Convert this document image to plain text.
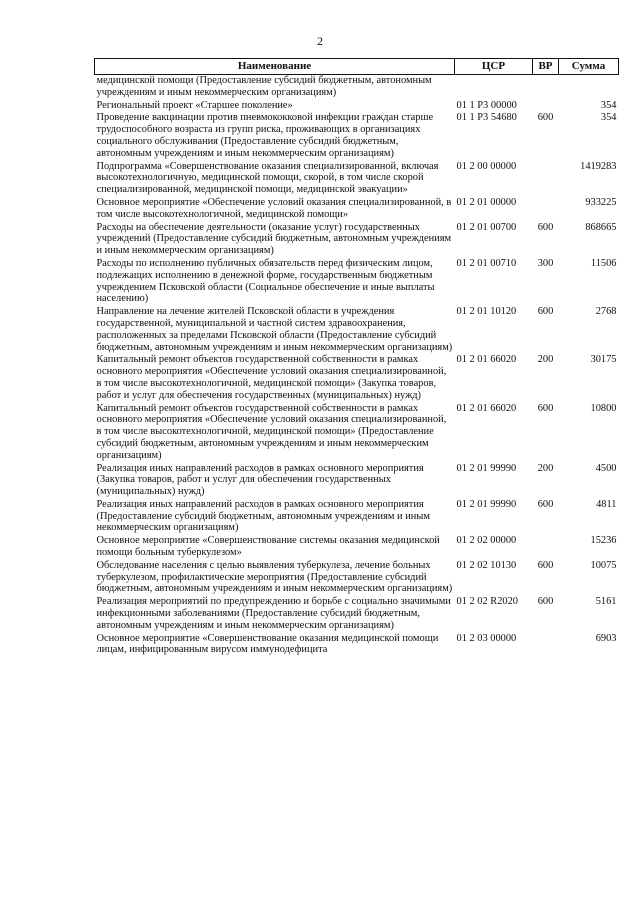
2
Наименование	ЦСР	ВР	Сумма
медицинской помощи (Предоставление субсидий бюджетным, автономным учреждениям и иным некоммерческим организациям)			
Региональный проект «Старшее поколение»	01 1 P3 00000		354
Проведение вакцинации против пневмококковой инфекции граждан старше трудоспособного возраста из групп риска, проживающих в организациях социального обслуживания (Предоставление субсидий бюджетным, автономным учреждениям и иным некоммерческим организациям)	01 1 P3 54680	600	354
Подпрограмма «Совершенствование оказания специализированной, включая высокотехнологичную, медицинской помощи, скорой, в том числе скорой специализированной, медицинской помощи, медицинской эвакуации»	01 2 00 00000		1419283
Основное мероприятие «Обеспечение условий оказания специализированной, в том числе высокотехнологичной, медицинской помощи»	01 2 01 00000		933225
Расходы на обеспечение деятельности (оказание услуг) государственных учреждений (Предоставление субсидий бюджетным, автономным учреждениям и иным некоммерческим организациям)	01 2 01 00700	600	868665
Расходы по исполнению публичных обязательств перед физическим лицом, подлежащих исполнению в денежной форме, государственным бюджетным учреждением Псковской области (Социальное обеспечение и иные выплаты населению)	01 2 01 00710	300	11506
Направление на лечение жителей Псковской области в учреждения государственной, муниципальной и частной систем здравоохранения, расположенных за пределами Псковской области (Предоставление субсидий бюджетным, автономным учреждениям и иным некоммерческим организациям)	01 2 01 10120	600	2768
Капитальный ремонт объектов государственной собственности в рамках основного мероприятия «Обеспечение условий оказания специализированной, в том числе высокотехнологичной, медицинской помощи» (Закупка товаров, работ и услуг для обеспечения государственных (муниципальных) нужд)	01 2 01 66020	200	30175
Капитальный ремонт объектов государственной собственности в рамках основного мероприятия «Обеспечение условий оказания специализированной, в том числе высокотехнологичной, медицинской помощи» (Предоставление субсидий бюджетным, автономным учреждениям и иным некоммерческим организациям)	01 2 01 66020	600	10800
Реализация иных направлений расходов в рамках основного мероприятия (Закупка товаров, работ и услуг для обеспечения государственных (муниципальных) нужд)	01 2 01 99990	200	4500
Реализация иных направлений расходов в рамках основного мероприятия (Предоставление субсидий бюджетным, автономным учреждениям и иным некоммерческим организациям)	01 2 01 99990	600	4811
Основное мероприятие «Совершенствование системы оказания медицинской помощи больным туберкулезом»	01 2 02 00000		15236
Обследование населения с целью выявления туберкулеза, лечение больных туберкулезом, профилактические мероприятия (Предоставление субсидий бюджетным, автономным учреждениям и иным некоммерческим организациям)	01 2 02 10130	600	10075
Реализация мероприятий по предупреждению и борьбе с социально значимыми инфекционными заболеваниями (Предоставление субсидий бюджетным, автономным учреждениям и иным некоммерческим организациям)	01 2 02 R2020	600	5161
Основное мероприятие «Совершенствование оказания медицинской помощи лицам, инфицированным вирусом иммунодефицита	01 2 03 00000		6903
